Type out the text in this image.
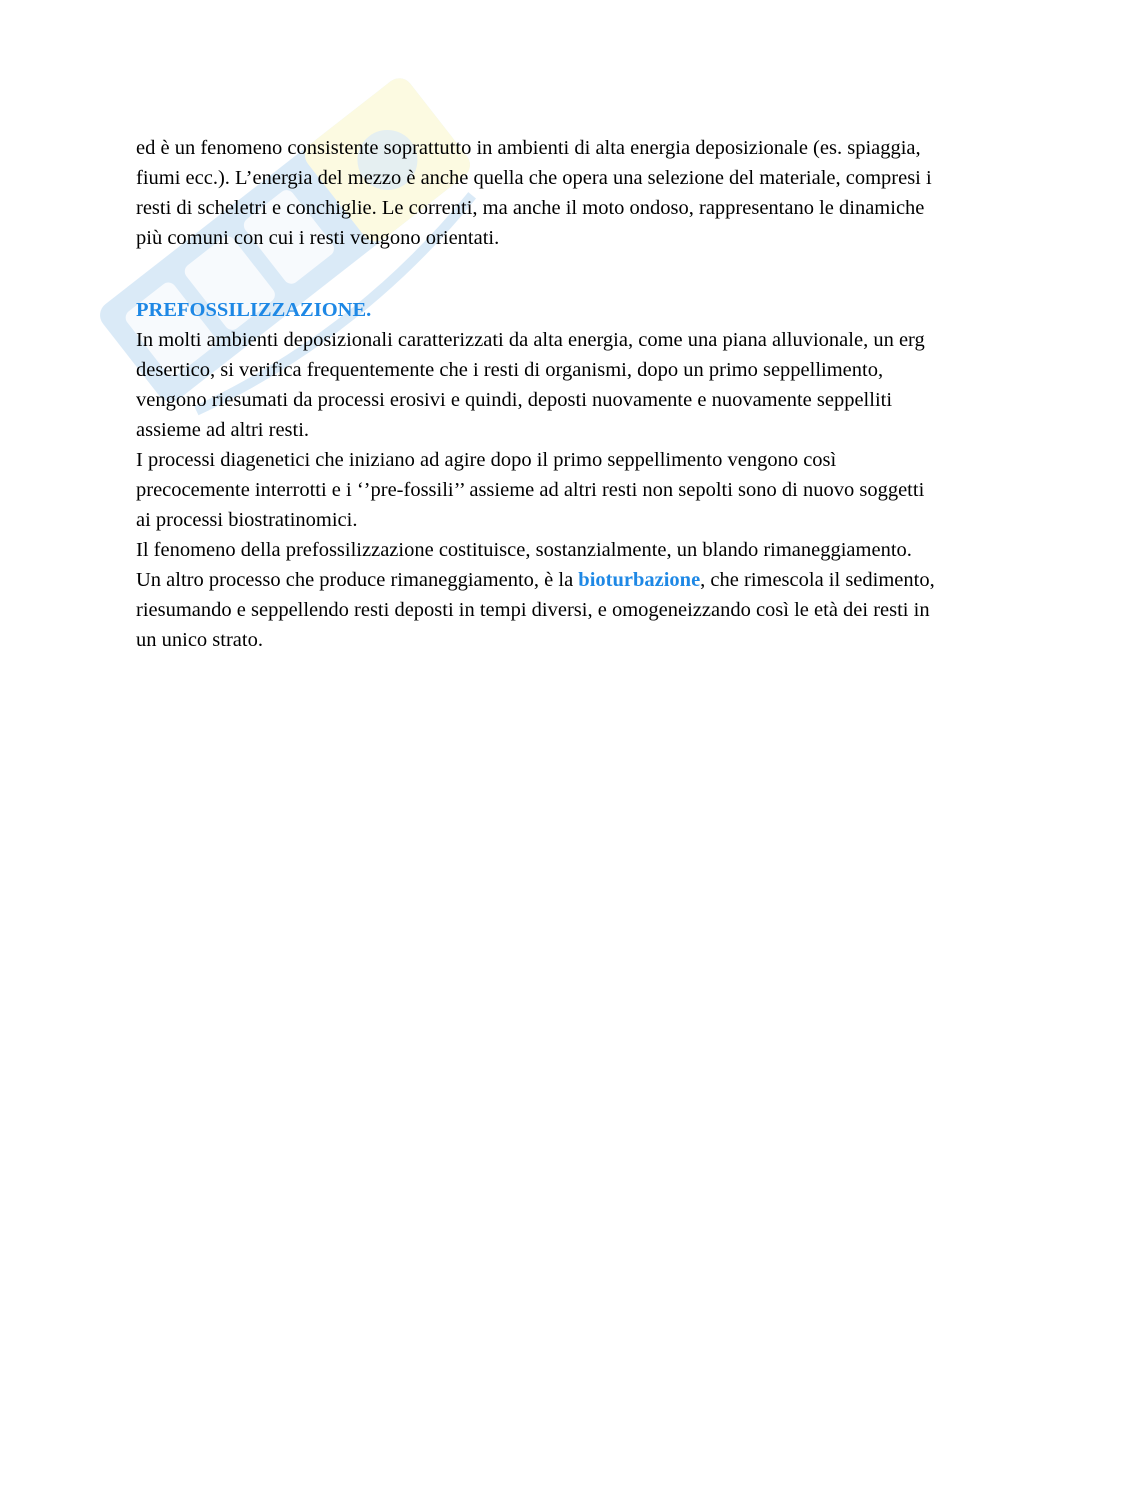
ed è un fenomeno consistente soprattutto in ambienti di alta energia deposizionale (es. spiaggia,
fiumi ecc.). L’energia del mezzo è anche quella che opera una selezione del materiale, compresi i
resti di scheletri e conchiglie. Le correnti, ma anche il moto ondoso, rappresentano le dinamiche
più comuni con cui i resti vengono orientati.
PREFOSSILIZZAZIONE.
In molti ambienti deposizionali caratterizzati da alta energia, come una piana alluvionale, un erg
desertico, si verifica frequentemente che i resti di organismi, dopo un primo seppellimento,
vengono riesumati da processi erosivi e quindi, deposti nuovamente e nuovamente seppelliti
assieme ad altri resti.
I processi diagenetici che iniziano ad agire dopo il primo seppellimento vengono così
precocemente interrotti e i ‘’pre-fossili’’ assieme ad altri resti non sepolti sono di nuovo soggetti
ai processi biostratinomici.
Il fenomeno della prefossilizzazione costituisce, sostanzialmente, un blando rimaneggiamento.
Un altro processo che produce rimaneggiamento, è la bioturbazione, che rimescola il sedimento,
riesumando e seppellendo resti deposti in tempi diversi, e omogeneizzando così le età dei resti in
un unico strato.
